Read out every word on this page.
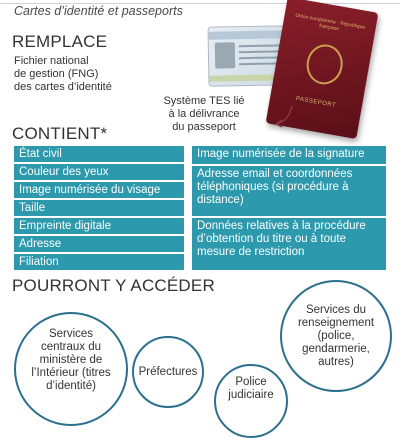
Cartes d’identité et passeports
REMPLACE
Fichier national
de gestion (FNG)
des cartes d’identité
Union européenne · République française
PASSEPORT
Système TES lié
à la délivrance
du passeport
CONTIENT*
État civil
Couleur des yeux
Image numérisée du visage
Taille
Empreinte digitale
Adresse
Filiation
Image numérisée de la signature
Adresse email et coordonnées téléphoniques (si procédure à distance)
Données relatives à la procédure d’obtention du titre ou à toute mesure de restriction
POURRONT Y ACCÉDER
Services centraux du ministère de l’Intérieur (titres d’identité)
Préfectures
Police judiciaire
Services du renseignement (police, gendarmerie, autres)
